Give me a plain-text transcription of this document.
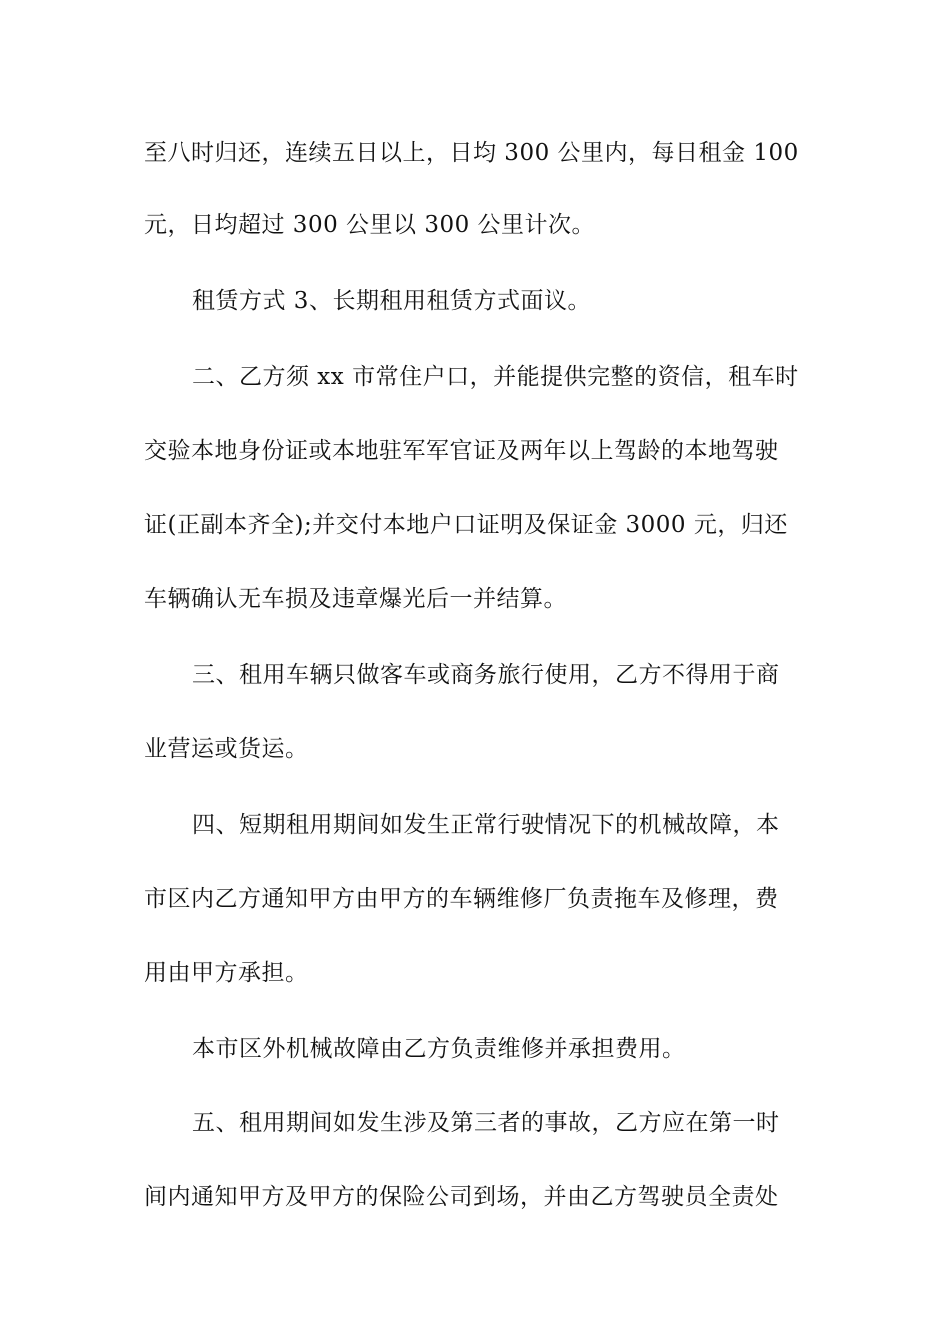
至八时归还，连续五日以上，日均 300 公里内，每日租金 100
元，日均超过 300 公里以 300 公里计次。
租赁方式 3、长期租用租赁方式面议。
二、乙方须 xx 市常住户口，并能提供完整的资信，租车时
交验本地身份证或本地驻军军官证及两年以上驾龄的本地驾驶
证(正副本齐全);并交付本地户口证明及保证金 3000 元，归还
车辆确认无车损及违章爆光后一并结算。
三、租用车辆只做客车或商务旅行使用，乙方不得用于商
业营运或货运。
四、短期租用期间如发生正常行驶情况下的机械故障，本
市区内乙方通知甲方由甲方的车辆维修厂负责拖车及修理，费
用由甲方承担。
本市区外机械故障由乙方负责维修并承担费用。
五、租用期间如发生涉及第三者的事故，乙方应在第一时
间内通知甲方及甲方的保险公司到场，并由乙方驾驶员全责处
